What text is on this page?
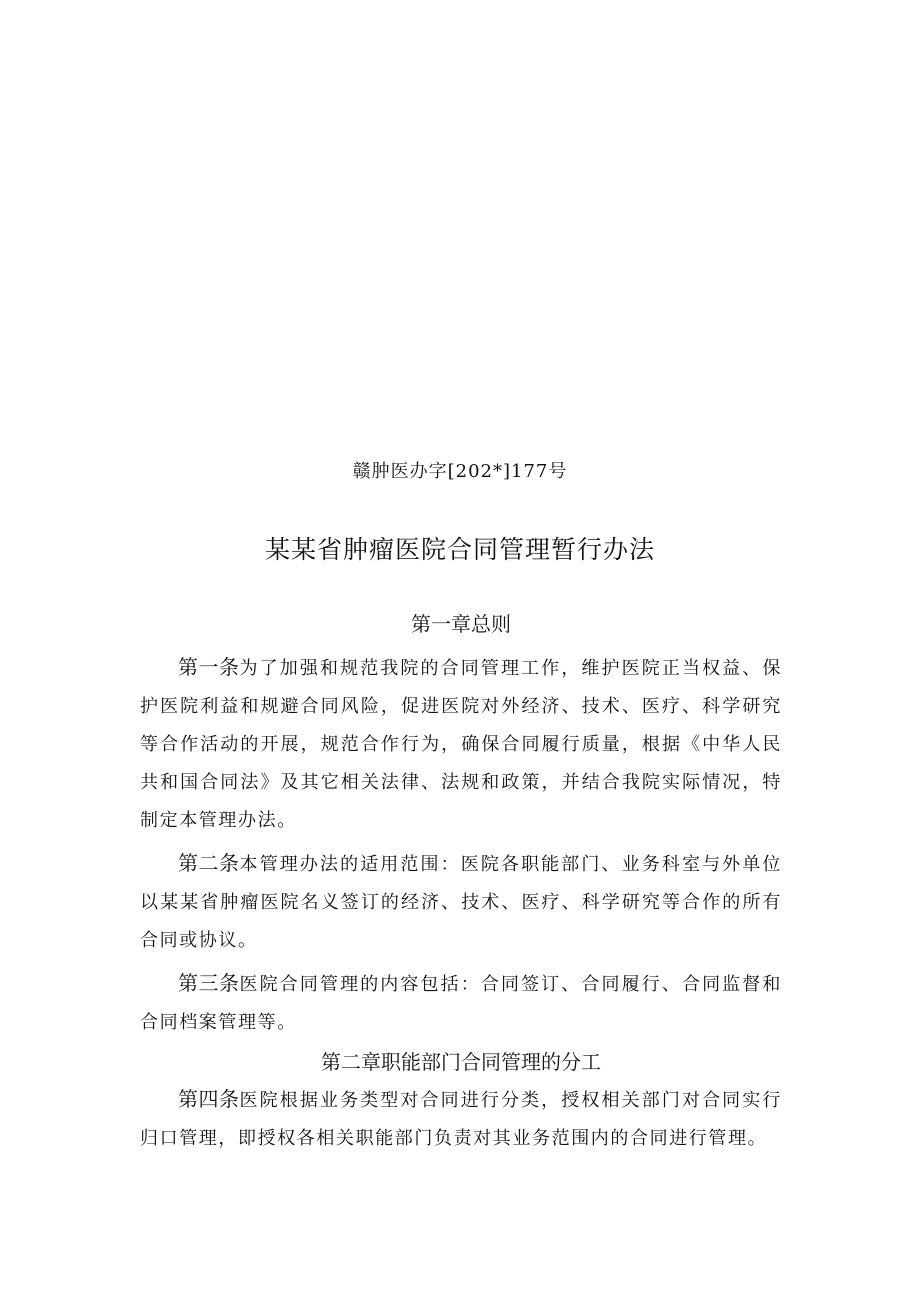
赣肿医办字[202*]177号
某某省肿瘤医院合同管理暂行办法
第一章总则

第一条为了加强和规范我院的合同管理工作，维护医院正当权益、保护医院利益和规避合同风险，促进医院对外经济、技术、医疗、科学研究等合作活动的开展，规范合作行为，确保合同履行质量，根据《中华人民共和国合同法》及其它相关法律、法规和政策，并结合我院实际情况，特制定本管理办法。

第二条本管理办法的适用范围：医院各职能部门、业务科室与外单位以某某省肿瘤医院名义签订的经济、技术、医疗、科学研究等合作的所有合同或协议。

第三条医院合同管理的内容包括：合同签订、合同履行、合同监督和合同档案管理等。

第二章职能部门合同管理的分工

第四条医院根据业务类型对合同进行分类，授权相关部门对合同实行归口管理，即授权各相关职能部门负责对其业务范围内的合同进行管理。
